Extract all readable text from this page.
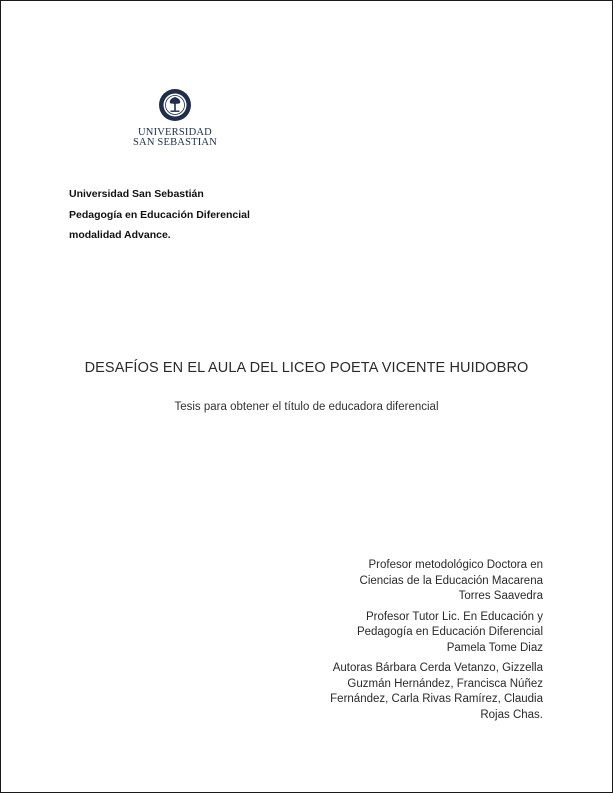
UNIVERSIDAD
SAN SEBASTIAN
Universidad San Sebastián
Pedagogía en Educación Diferencial
modalidad Advance.
DESAFÍOS EN EL AULA DEL LICEO POETA VICENTE HUIDOBRO
Tesis para obtener el título de educadora diferencial
Profesor metodológico Doctora en
Ciencias de la Educación Macarena
Torres Saavedra
Profesor Tutor Lic. En Educación y
Pedagogía en Educación Diferencial
Pamela Tome Diaz
Autoras Bárbara Cerda Vetanzo, Gizzella
Guzmán Hernández, Francisca Núñez
Fernández, Carla Rivas Ramírez, Claudia
Rojas Chas.
